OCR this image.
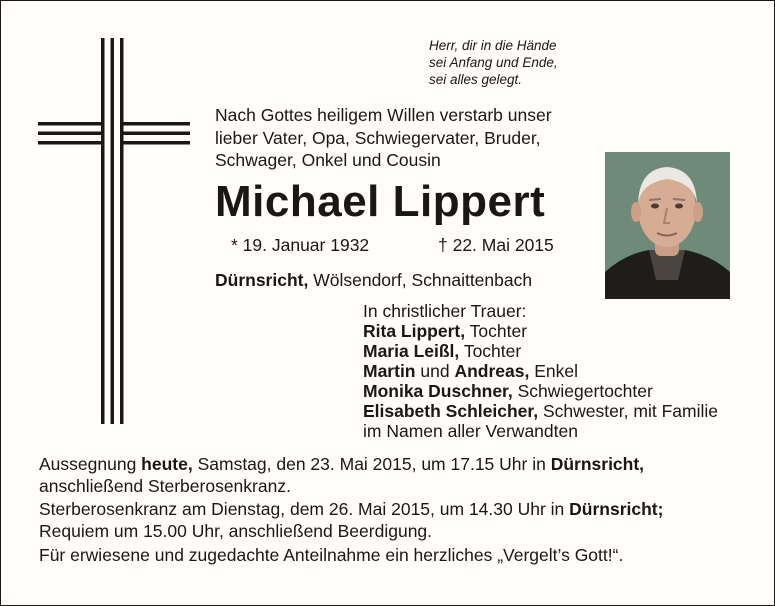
Herr, dir in die Hände
sei Anfang und Ende,
sei alles gelegt.
Nach Gottes heiligem Willen verstarb unser
lieber Vater, Opa, Schwiegervater, Bruder,
Schwager, Onkel und Cousin
Michael Lippert
* 19. Januar 1932	† 22. Mai 2015
Dürnsricht, Wölsendorf, Schnaittenbach
In christlicher Trauer:
Rita Lippert, Tochter
Maria Leißl, Tochter
Martin und Andreas, Enkel
Monika Duschner, Schwiegertochter
Elisabeth Schleicher, Schwester, mit Familie
im Namen aller Verwandten
Aussegnung heute, Samstag, den 23. Mai 2015, um 17.15 Uhr in Dürnsricht,
anschließend Sterberosenkranz.
Sterberosenkranz am Dienstag, dem 26. Mai 2015, um 14.30 Uhr in Dürnsricht;
Requiem um 15.00 Uhr, anschließend Beerdigung.
Für erwiesene und zugedachte Anteilnahme ein herzliches „Vergelt’s Gott!“.
